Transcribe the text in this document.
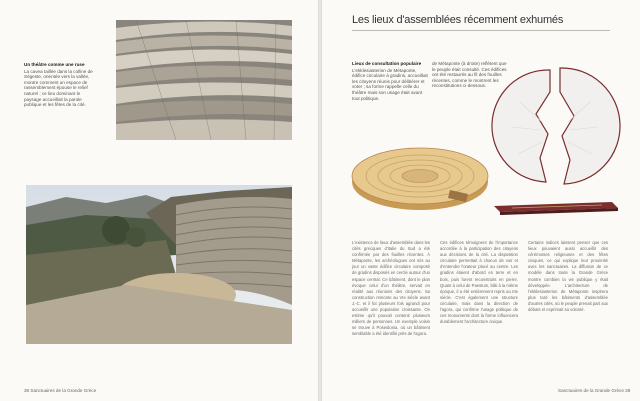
Un théâtre comme une ruse
La cavea taillée dans la colline de Ségeste, orientée vers la vallée, montre comment un espace de rassemblement épouse le relief naturel ; ce lieu dominant le paysage accueillait la parole publique et les fêtes de la cité.
38 Sanctuaires de la Grande Grèce
Les lieux d'assemblées récemment exhumés
Lieux de consultation populaire
L'ekklesiasterion de Métaponte, édifice circulaire à gradins, accueillait les citoyens réunis pour délibérer et voter ; sa forme rappelle celle du théâtre mais son usage était avant tout politique.
de Métaponte (à droite) reflètent que le peuple était consulté. Ces édifices ont été restaurés au fil des fouilles récentes, comme le montrent les reconstitutions ci-dessous.
L'existence de lieux d'assemblée dans les cités grecques d'Italie du Sud a été confirmée par des fouilles récentes. À Métaponte, les archéologues ont mis au jour un vaste édifice circulaire composé de gradins disposés en cercle autour d'un espace central. Ce bâtiment, dont le plan évoque celui d'un théâtre, servait en réalité aux réunions des citoyens. Sa construction remonte au VIe siècle avant J.-C. et il fut plusieurs fois agrandi pour accueillir une population croissante. On estime qu'il pouvait contenir plusieurs milliers de personnes. Un exemple voisin se trouve à Poseidonia, où un bâtiment semblable a été identifié près de l'agora.
Ces édifices témoignent de l'importance accordée à la participation des citoyens aux décisions de la cité. La disposition circulaire permettait à chacun de voir et d'entendre l'orateur placé au centre. Les gradins étaient d'abord en terre et en bois, puis furent reconstruits en pierre. Quant à celui de Paestum, bâti à la même époque, il a été entièrement repris au IIIe siècle. C'est également une structure circulaire, mais dans la direction de l'agora, qui confirme l'usage politique de ces monuments dont la forme influencera durablement l'architecture civique.
Certains indices laissent penser que ces lieux pouvaient aussi accueillir des cérémonies religieuses et des fêtes civiques, ce qui explique leur proximité avec les sanctuaires. La diffusion de ce modèle dans toute la Grande Grèce montre combien la vie publique y était développée. L'architecture de l'ekklesiasterion de Métaponte inspirera plus tard les bâtiments d'assemblée d'autres cités, où le peuple prenait part aux débats et exprimait sa volonté.
Sanctuaires de la Grande Grèce 39
